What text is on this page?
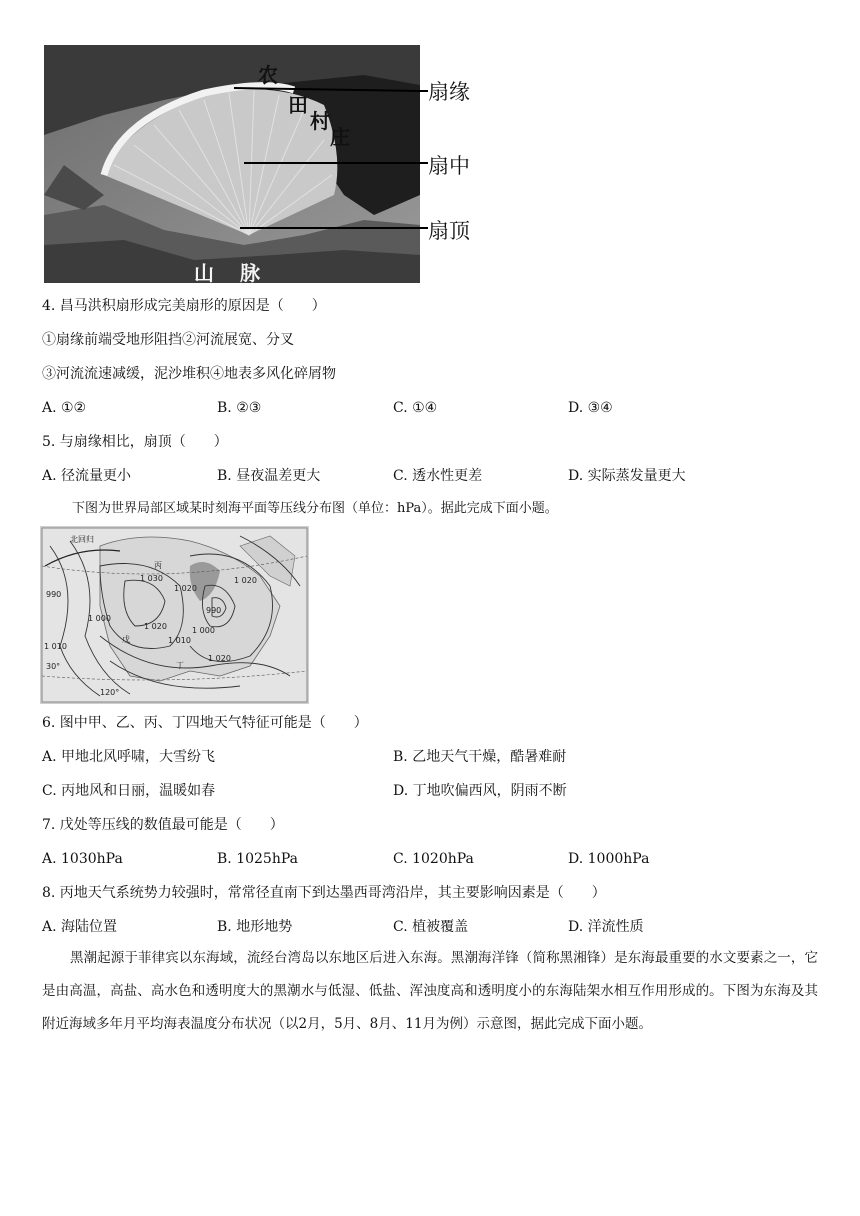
农
田
村
庄
山 脉
扇缘
扇中
扇顶
4. 昌马洪积扇形成完美扇形的原因是（　　）
①扇缘前端受地形阻挡②河流展宽、分叉
③河流流速减缓，泥沙堆积④地表多风化碎屑物
A. ①②	B. ②③	C. ①④	D. ③④
5. 与扇缘相比，扇顶（　　）
A. 径流量更小	B. 昼夜温差更大	C. 透水性更差	D. 实际蒸发量更大
下图为世界局部区域某时刻海平面等压线分布图（单位：hPa）。据此完成下面小题。
北回归
丙
1 030
990
1 020
1 000
1 010
1 020
990
1 020
1 010
戊
丁
1 020
1 000
30°
120°
6. 图中甲、乙、丙、丁四地天气特征可能是（　　）
A. 甲地北风呼啸，大雪纷飞	B. 乙地天气干燥，酷暑难耐
C. 丙地风和日丽，温暖如春	D. 丁地吹偏西风，阴雨不断
7. 戊处等压线的数值最可能是（　　）
A. 1030hPa	B. 1025hPa	C. 1020hPa	D. 1000hPa
8. 丙地天气系统势力较强时，常常径直南下到达墨西哥湾沿岸，其主要影响因素是（　　）
A. 海陆位置	B. 地形地势	C. 植被覆盖	D. 洋流性质
黑潮起源于菲律宾以东海域，流经台湾岛以东地区后进入东海。黑潮海洋锋（简称黑湘锋）是东海最重要的水文要素之一，它是由高温，高盐、高水色和透明度大的黑潮水与低湿、低盐、浑浊度高和透明度小的东海陆架水相互作用形成的。下图为东海及其附近海域多年月平均海表温度分布状况（以2月，5月、8月、11月为例）示意图，据此完成下面小题。
